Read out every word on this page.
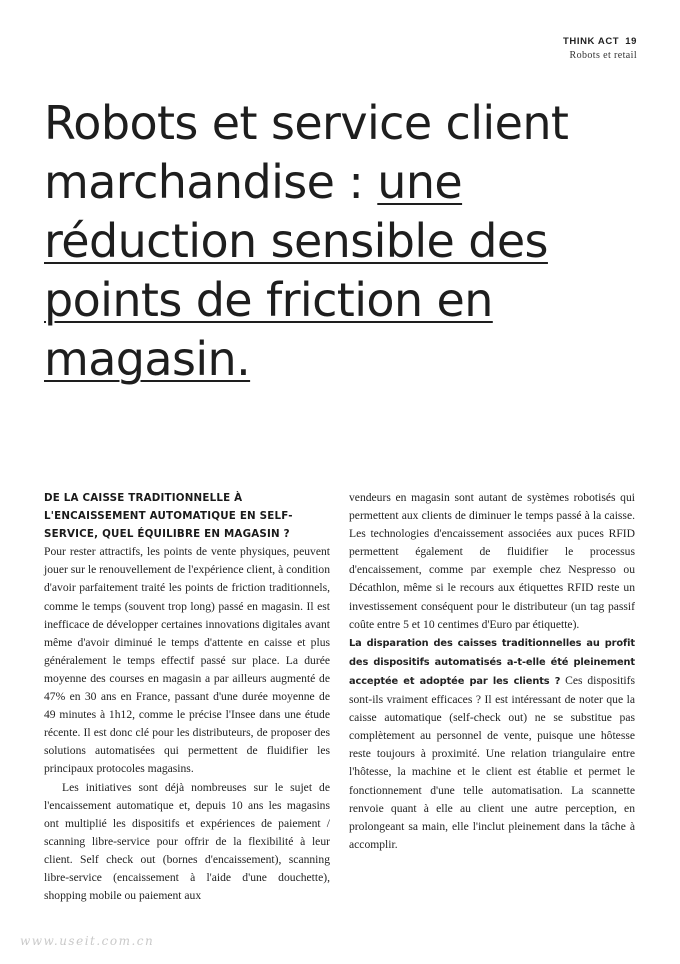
THINK ACT 19
Robots et retail
Robots et service client marchandise : une réduction sensible des points de friction en magasin.
DE LA CAISSE TRADITIONNELLE À L'ENCAISSEMENT AUTOMATIQUE EN SELF-SERVICE, QUEL ÉQUILIBRE EN MAGASIN ?

Pour rester attractifs, les points de vente physiques, peuvent jouer sur le renouvellement de l'expérience client, à condition d'avoir parfaitement traité les points de friction traditionnels, comme le temps (souvent trop long) passé en magasin. Il est inefficace de développer certaines innovations digitales avant même d'avoir diminué le temps d'attente en caisse et plus généralement le temps effectif passé sur place. La durée moyenne des courses en magasin a par ailleurs augmenté de 47% en 30 ans en France, passant d'une durée moyenne de 49 minutes à 1h12, comme le précise l'Insee dans une étude récente. Il est donc clé pour les distributeurs, de proposer des solutions automatisées qui permettent de fluidifier les principaux protocoles magasins.

Les initiatives sont déjà nombreuses sur le sujet de l'encaissement automatique et, depuis 10 ans les magasins ont multiplié les dispositifs et expériences de paiement / scanning libre-service pour offrir de la flexibilité à leur client. Self check out (bornes d'encaissement), scanning libre-service (encaissement à l'aide d'une douchette), shopping mobile ou paiement aux

vendeurs en magasin sont autant de systèmes robotisés qui permettent aux clients de diminuer le temps passé à la caisse. Les technologies d'encaissement associées aux puces RFID permettent également de fluidifier le processus d'encaissement, comme par exemple chez Nespresso ou Décathlon, même si le recours aux étiquettes RFID reste un investissement conséquent pour le distributeur (un tag passif coûte entre 5 et 10 centimes d'Euro par étiquette).

La disparation des caisses traditionnelles au profit des dispositifs automatisés a-t-elle été pleinement acceptée et adoptée par les clients ? Ces dispositifs sont-ils vraiment efficaces ? Il est intéressant de noter que la caisse automatique (self-check out) ne se substitue pas complètement au personnel de vente, puisque une hôtesse reste toujours à proximité. Une relation triangulaire entre l'hôtesse, la machine et le client est établie et permet le fonctionnement d'une telle automatisation. La scannette renvoie quant à elle au client une autre perception, en prolongeant sa main, elle l'inclut pleinement dans la tâche à accomplir.

www.useit.com.cn
